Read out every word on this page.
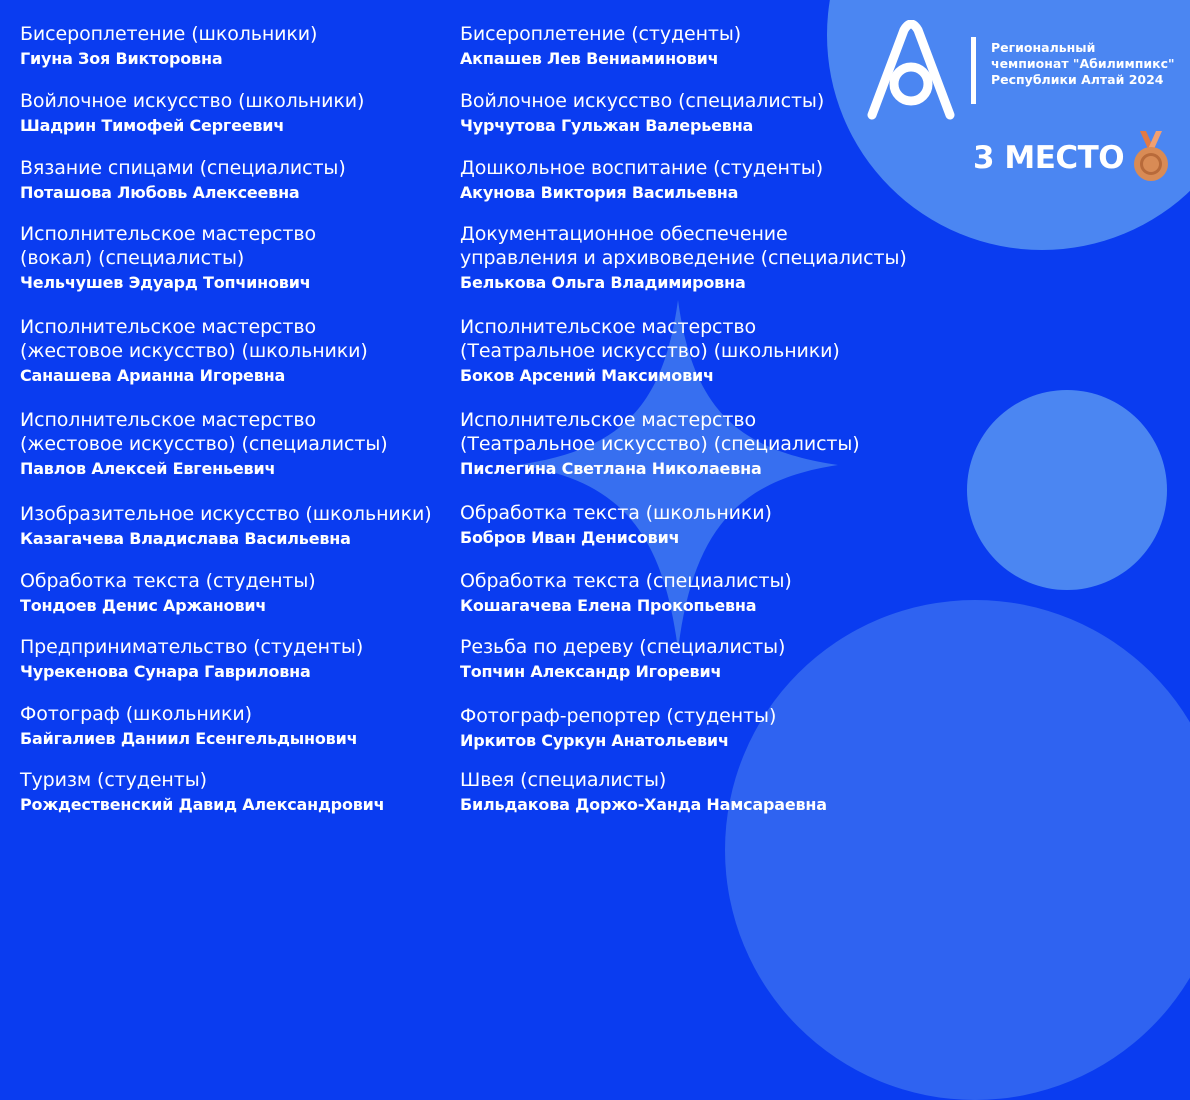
Региональный
чемпионат "Абилимпикс"
Республики Алтай 2024
3 МЕСТО
Бисероплетение (школьники)
Гиуна Зоя Викторовна
Войлочное искусство (школьники)
Шадрин Тимофей Сергеевич
Вязание спицами (специалисты)
Поташова Любовь Алексеевна
Исполнительское мастерство
(вокал) (специалисты)
Чельчушев Эдуард Топчинович
Исполнительское мастерство
(жестовое искусство) (школьники)
Санашева Арианна Игоревна
Исполнительское мастерство
(жестовое искусство) (специалисты)
Павлов Алексей Евгеньевич
Изобразительное искусство (школьники)
Казагачева Владислава Васильевна
Обработка текста (студенты)
Тондоев Денис Аржанович
Предпринимательство (студенты)
Чурекенова Сунара Гавриловна
Фотограф (школьники)
Байгалиев Даниил Есенгельдынович
Туризм (студенты)
Рождественский Давид Александрович
Бисероплетение (студенты)
Акпашев Лев Вениаминович
Войлочное искусство (специалисты)
Чурчутова Гульжан Валерьевна
Дошкольное воспитание (студенты)
Акунова Виктория Васильевна
Документационное обеспечение
управления и архивоведение (специалисты)
Белькова Ольга Владимировна
Исполнительское мастерство
(Театральное искусство) (школьники)
Боков Арсений Максимович
Исполнительское мастерство
(Театральное искусство) (специалисты)
Пислегина Светлана Николаевна
Обработка текста (школьники)
Бобров Иван Денисович
Обработка текста (специалисты)
Кошагачева Елена Прокопьевна
Резьба по дереву (специалисты)
Топчин Александр Игоревич
Фотограф-репортер (студенты)
Иркитов Суркун Анатольевич
Швея (специалисты)
Бильдакова Доржо-Ханда Намсараевна
